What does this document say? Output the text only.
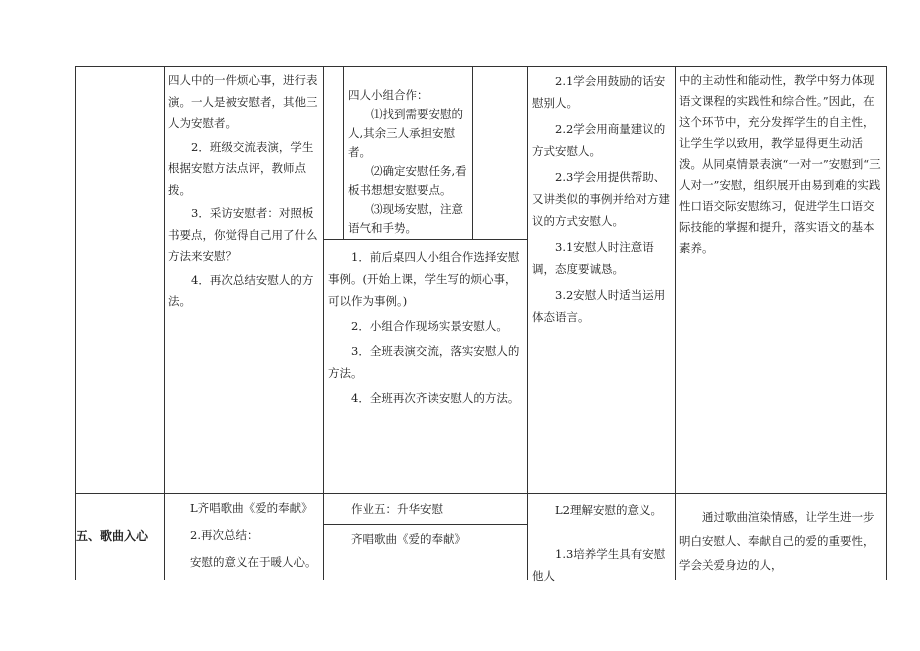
四人中的一件烦心事，进行表演。一人是被安慰者，其他三人为安慰者。

2．班级交流表演，学生根据安慰方法点评，教师点拨。

3．采访安慰者：对照板书要点，你觉得自己用了什么方法来安慰？

4．再次总结安慰人的方法。

四人小组合作：

⑴找到需要安慰的人,其余三人承担安慰者。

⑵确定安慰任务,看板书想想安慰要点。

⑶现场安慰，注意语气和手势。

1．前后桌四人小组合作选择安慰事例。(开始上课，学生写的烦心事，可以作为事例。)

2．小组合作现场实景安慰人。

3．全班表演交流，落实安慰人的方法。

4．全班再次齐读安慰人的方法。

2.1学会用鼓励的话安慰别人。

2.2学会用商量建议的方式安慰人。

2.3学会用提供帮助、又讲类似的事例并给对方建议的方式安慰人。

3.1安慰人时注意语调，态度要诚恳。

3.2安慰人时适当运用体态语言。

中的主动性和能动性，教学中努力体现语文课程的实践性和综合性。”因此，在这个环节中，充分发挥学生的自主性，让学生学以致用，教学显得更生动活泼。从同桌情景表演“一对一”安慰到“三人对一”安慰，组织展开由易到难的实践性口语交际安慰练习，促进学生口语交际技能的掌握和提升，落实语文的基本素养。

五、歌曲入心

L齐唱歌曲《爱的奉献》

2.再次总结：

安慰的意义在于暖人心。

作业五：升华安慰

齐唱歌曲《爱的奉献》

L2理解安慰的意义。

1.3培养学生具有安慰他人

通过歌曲渲染情感，让学生进一步明白安慰人、奉献自己的爱的重要性，学会关爱身边的人，
